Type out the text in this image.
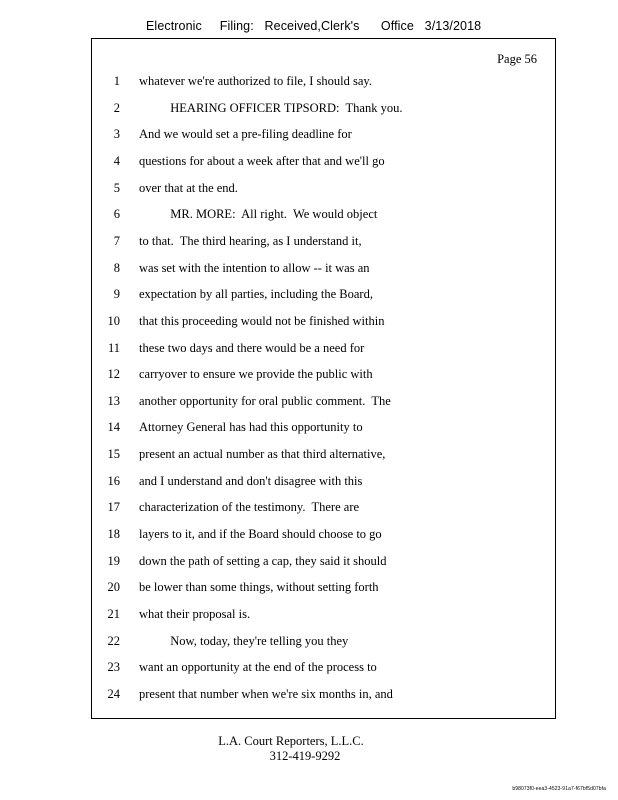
Electronic     Filing:   Received,Clerk's      Office   3/13/2018
Page 56
1 whatever we're authorized to file, I should say.
2 HEARING OFFICER TIPSORD:  Thank you.
3 And we would set a pre-filing deadline for
4 questions for about a week after that and we'll go
5 over that at the end.
6 MR. MORE:  All right.  We would object
7 to that.  The third hearing, as I understand it,
8 was set with the intention to allow -- it was an
9 expectation by all parties, including the Board,
10 that this proceeding would not be finished within
11 these two days and there would be a need for
12 carryover to ensure we provide the public with
13 another opportunity for oral public comment.  The
14 Attorney General has had this opportunity to
15 present an actual number as that third alternative,
16 and I understand and don't disagree with this
17 characterization of the testimony.  There are
18 layers to it, and if the Board should choose to go
19 down the path of setting a cap, they said it should
20 be lower than some things, without setting forth
21 what their proposal is.
22 Now, today, they're telling you they
23 want an opportunity at the end of the process to
24 present that number when we're six months in, and
L.A. Court Reporters, L.L.C.
312-419-9292
b98073f0-eea3-4523-91a7-f67bf5d07bfa
